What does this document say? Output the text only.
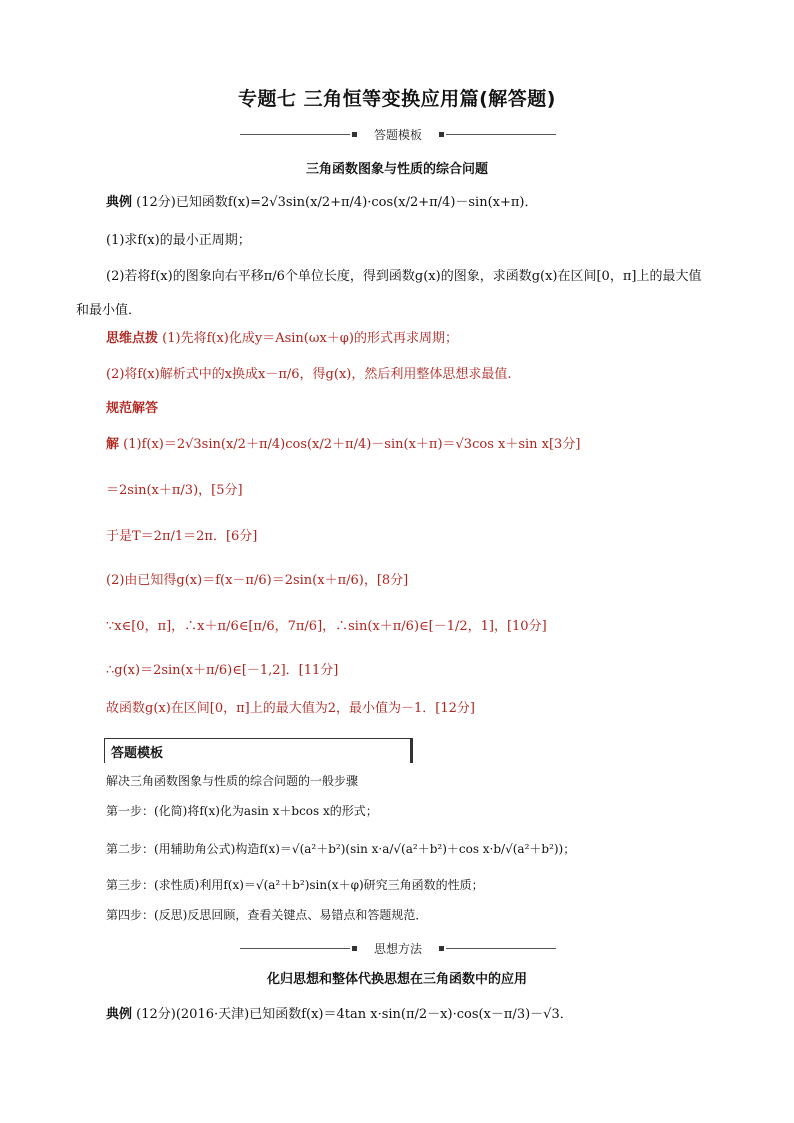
专题七 三角恒等变换应用篇(解答题)
答题模板
三角函数图象与性质的综合问题
典例 (12分)已知函数f(x)=2√3sin(x/2+π/4)·cos(x/2+π/4)－sin(x+π)．
(1)求f(x)的最小正周期；
(2)若将f(x)的图象向右平移π/6个单位长度，得到函数g(x)的图象，求函数g(x)在区间[0，π]上的最大值
和最小值．
思维点拨 (1)先将f(x)化成y＝Asin(ωx＋φ)的形式再求周期；
(2)将f(x)解析式中的x换成x－π/6，得g(x)，然后利用整体思想求最值.
规范解答
解 (1)f(x)＝2√3sin(x/2＋π/4)cos(x/2＋π/4)－sin(x＋π)＝√3cos x＋sin x[3分]
＝2sin(x＋π/3)，[5分]
于是T＝2π/1＝2π．[6分]
(2)由已知得g(x)＝f(x－π/6)＝2sin(x＋π/6)，[8分]
∵x∈[0，π]，∴x＋π/6∈[π/6，7π/6]，∴sin(x＋π/6)∈[－1/2，1]，[10分]
∴g(x)＝2sin(x＋π/6)∈[－1,2]．[11分]
故函数g(x)在区间[0，π]上的最大值为2，最小值为－1．[12分]
答题模板
解决三角函数图象与性质的综合问题的一般步骤
第一步：(化简)将f(x)化为asin x＋bcos x的形式；
第二步：(用辅助角公式)构造f(x)＝√(a²＋b²)(sin x·a/√(a²＋b²)＋cos x·b/√(a²＋b²))；
第三步：(求性质)利用f(x)＝√(a²＋b²)sin(x＋φ)研究三角函数的性质；
第四步：(反思)反思回顾，查看关键点、易错点和答题规范．
思想方法
化归思想和整体代换思想在三角函数中的应用
典例 (12分)(2016·天津)已知函数f(x)＝4tan x·sin(π/2－x)·cos(x－π/3)－√3．
